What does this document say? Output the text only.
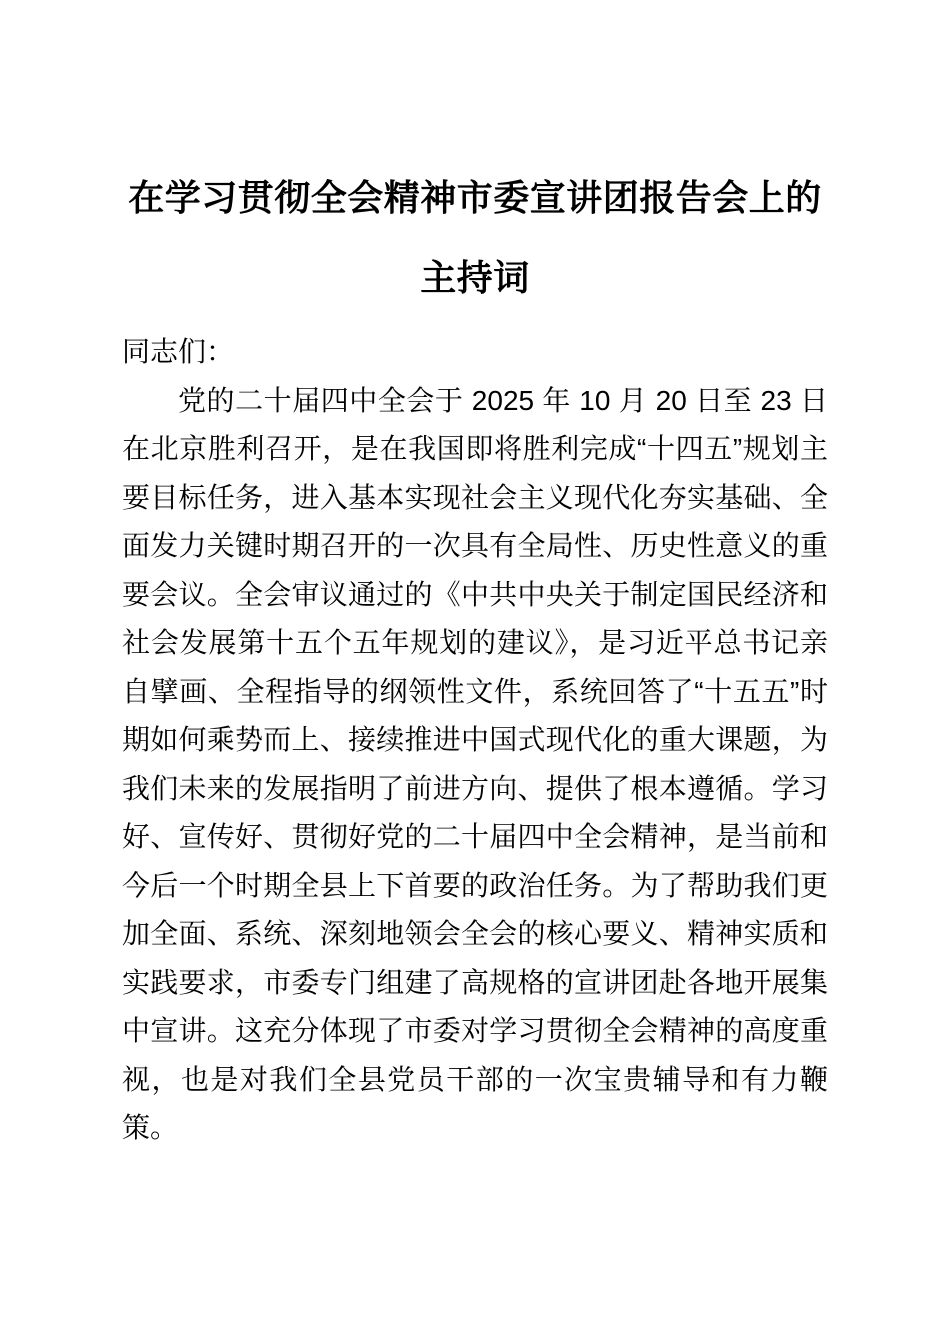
在学习贯彻全会精神市委宣讲团报告会上的
主持词

同志们：

党的二十届四中全会于 2025 年 10 月 20 日至 23 日在北京胜利召开，是在我国即将胜利完成“十四五”规划主要目标任务，进入基本实现社会主义现代化夯实基础、全面发力关键时期召开的一次具有全局性、历史性意义的重要会议。全会审议通过的《中共中央关于制定国民经济和社会发展第十五个五年规划的建议》，是习近平总书记亲自擘画、全程指导的纲领性文件，系统回答了“十五五”时期如何乘势而上、接续推进中国式现代化的重大课题，为我们未来的发展指明了前进方向、提供了根本遵循。学习好、宣传好、贯彻好党的二十届四中全会精神，是当前和今后一个时期全县上下首要的政治任务。为了帮助我们更加全面、系统、深刻地领会全会的核心要义、精神实质和实践要求，市委专门组建了高规格的宣讲团赴各地开展集中宣讲。这充分体现了市委对学习贯彻全会精神的高度重视，也是对我们全县党员干部的一次宝贵辅导和有力鞭策。
